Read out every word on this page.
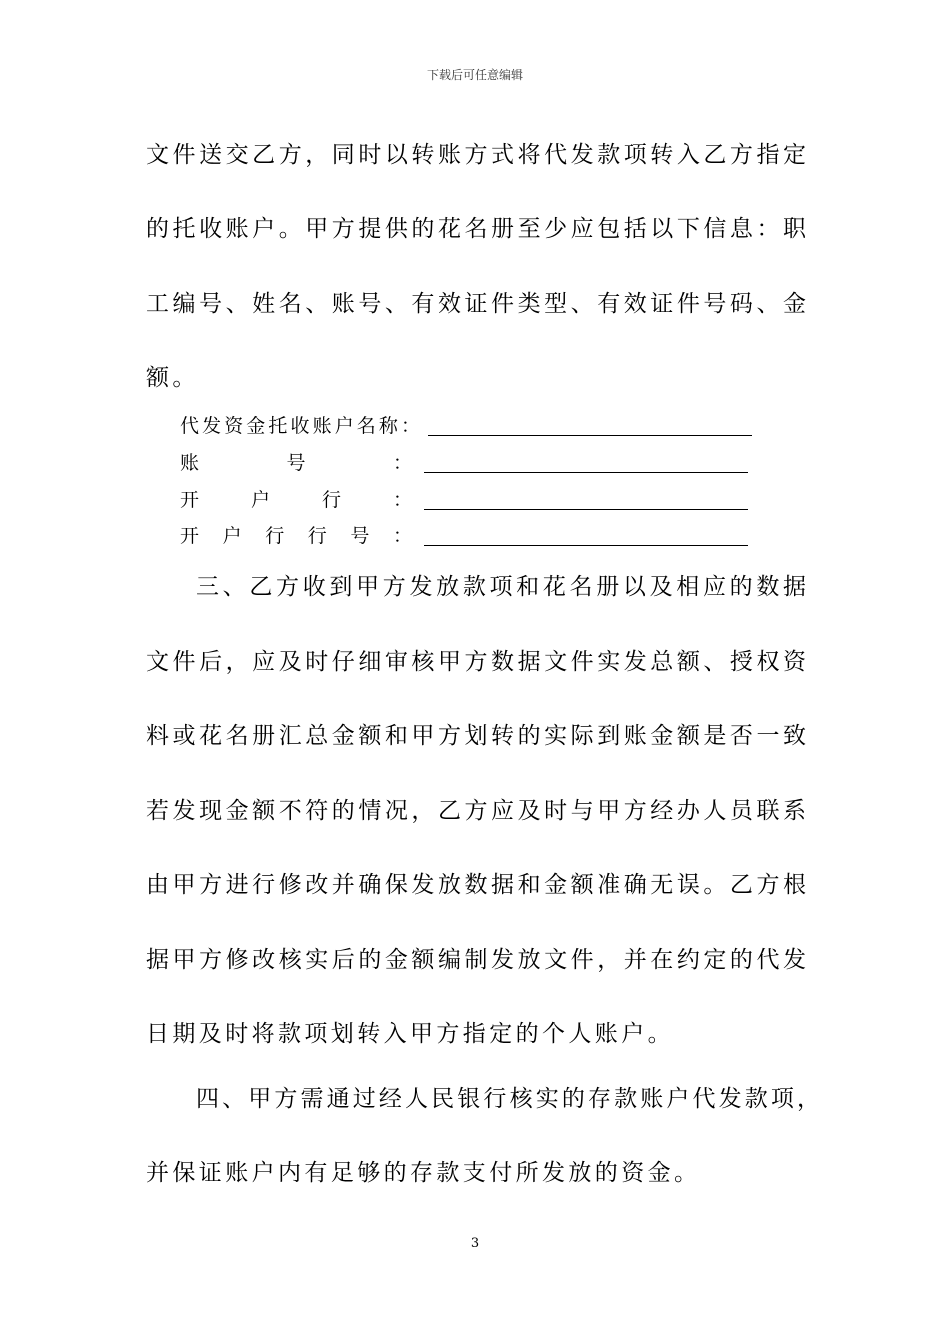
下载后可任意编辑
文件送交乙方，同时以转账方式将代发款项转入乙方指定
的托收账户。甲方提供的花名册至少应包括以下信息：职
工编号、姓名、账号、有效证件类型、有效证件号码、金
额。
代发资金托收账户名称：
账号：
开户行：
开户行行号：
三、乙方收到甲方发放款项和花名册以及相应的数据
文件后，应及时仔细审核甲方数据文件实发总额、授权资
料或花名册汇总金额和甲方划转的实际到账金额是否一致
若发现金额不符的情况，乙方应及时与甲方经办人员联系
由甲方进行修改并确保发放数据和金额准确无误。乙方根
据甲方修改核实后的金额编制发放文件，并在约定的代发
日期及时将款项划转入甲方指定的个人账户。
四、甲方需通过经人民银行核实的存款账户代发款项，
并保证账户内有足够的存款支付所发放的资金。
3
